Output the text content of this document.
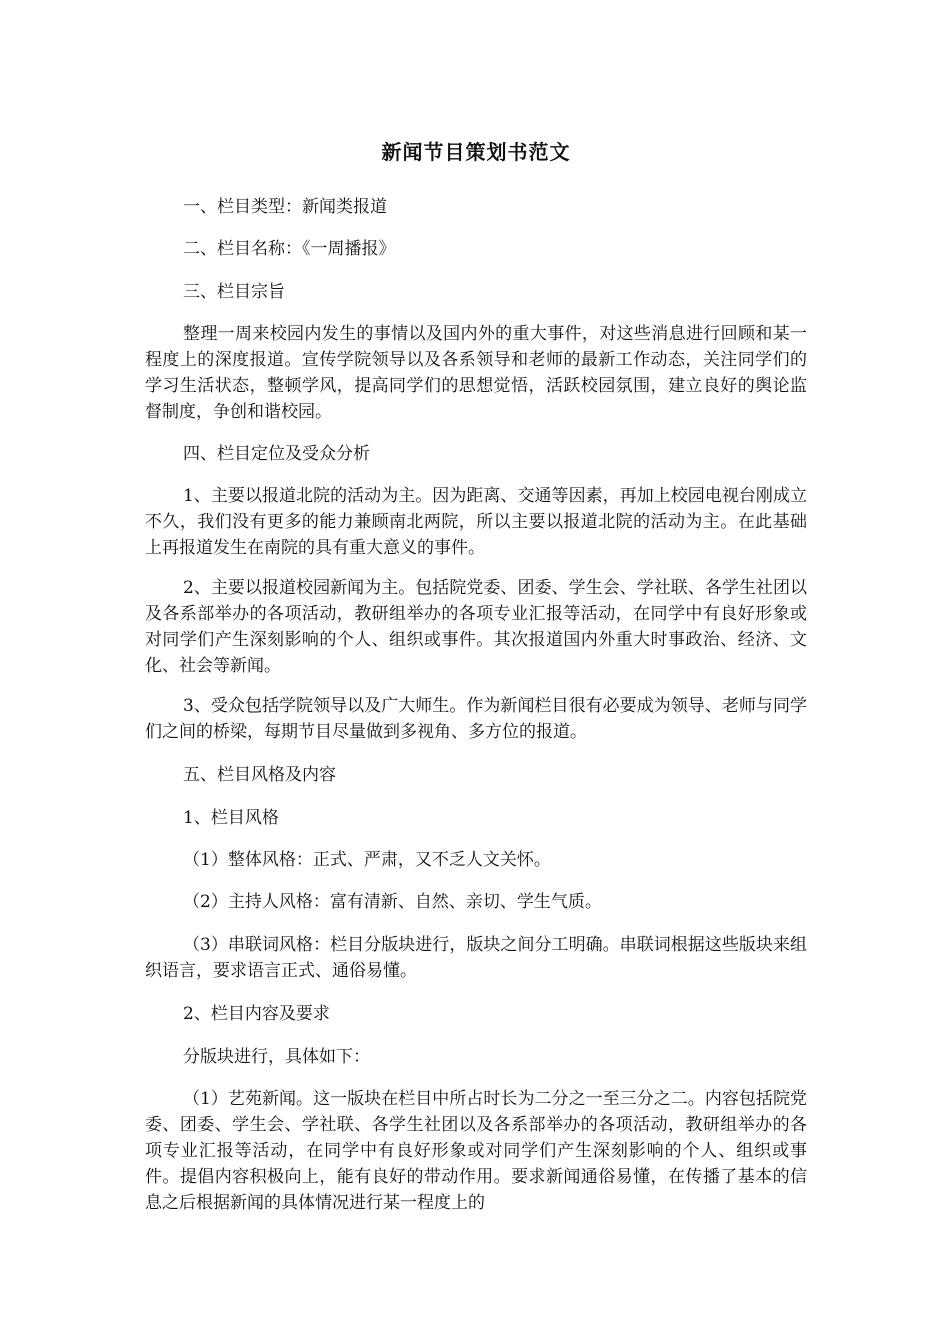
新闻节目策划书范文

一、栏目类型：新闻类报道

二、栏目名称：《一周播报》

三、栏目宗旨

整理一周来校园内发生的事情以及国内外的重大事件，对这些消息进行回顾和某一程度上的深度报道。宣传学院领导以及各系领导和老师的最新工作动态，关注同学们的学习生活状态，整顿学风，提高同学们的思想觉悟，活跃校园氛围，建立良好的舆论监督制度，争创和谐校园。

四、栏目定位及受众分析

1、主要以报道北院的活动为主。因为距离、交通等因素，再加上校园电视台刚成立不久，我们没有更多的能力兼顾南北两院，所以主要以报道北院的活动为主。在此基础上再报道发生在南院的具有重大意义的事件。

2、主要以报道校园新闻为主。包括院党委、团委、学生会、学社联、各学生社团以及各系部举办的各项活动，教研组举办的各项专业汇报等活动，在同学中有良好形象或对同学们产生深刻影响的个人、组织或事件。其次报道国内外重大时事政治、经济、文化、社会等新闻。

3、受众包括学院领导以及广大师生。作为新闻栏目很有必要成为领导、老师与同学们之间的桥梁，每期节目尽量做到多视角、多方位的报道。

五、栏目风格及内容

1、栏目风格

（1）整体风格：正式、严肃，又不乏人文关怀。

（2）主持人风格：富有清新、自然、亲切、学生气质。

（3）串联词风格：栏目分版块进行，版块之间分工明确。串联词根据这些版块来组织语言，要求语言正式、通俗易懂。

2、栏目内容及要求

分版块进行，具体如下：

（1）艺苑新闻。这一版块在栏目中所占时长为二分之一至三分之二。内容包括院党委、团委、学生会、学社联、各学生社团以及各系部举办的各项活动，教研组举办的各项专业汇报等活动，在同学中有良好形象或对同学们产生深刻影响的个人、组织或事件。提倡内容积极向上，能有良好的带动作用。要求新闻通俗易懂，在传播了基本的信息之后根据新闻的具体情况进行某一程度上的
